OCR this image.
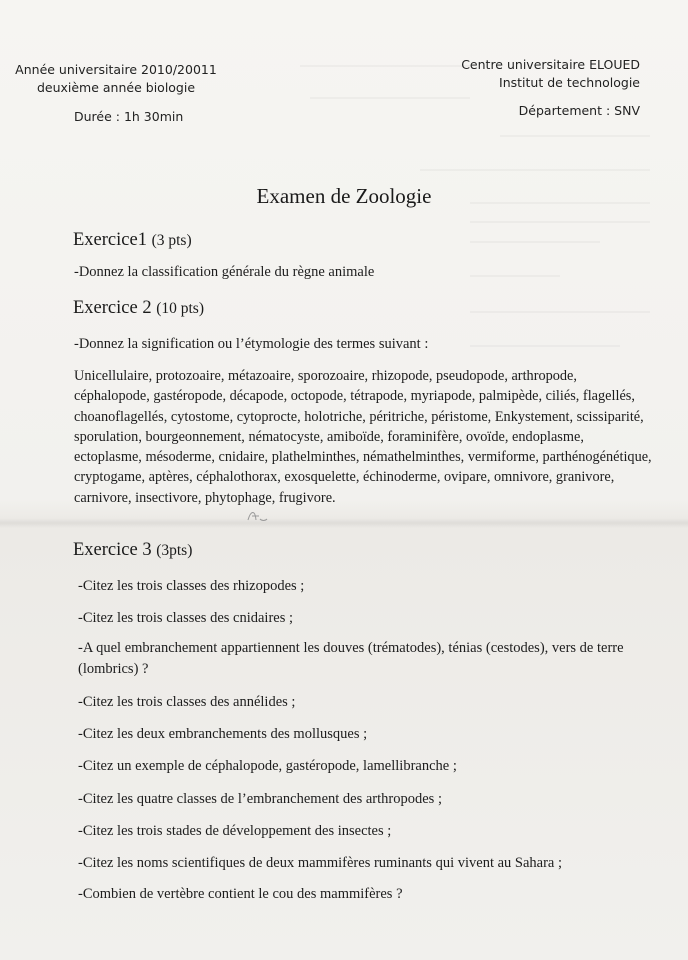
Année universitaire 2010/20011
deuxième année biologie
Durée : 1h 30min
Centre universitaire ELOUED
Institut de technologie
Département : SNV
Examen de Zoologie
Exercice1 (3 pts)
-Donnez la classification générale du règne animale
Exercice 2 (10 pts)
-Donnez la signification ou l’étymologie des termes suivant :
Unicellulaire, protozoaire, métazoaire, sporozoaire, rhizopode, pseudopode, arthropode, céphalopode, gastéropode, décapode, octopode, tétrapode, myriapode, palmipède, ciliés, flagellés, choanoflagellés, cytostome, cytoprocte, holotriche, péritriche, péristome, Enkystement, scissiparité, sporulation, bourgeonnement, nématocyste, amiboïde, foraminifère, ovoïde, endoplasme, ectoplasme, mésoderme, cnidaire, plathelminthes, némathelminthes, vermiforme, parthénogénétique, cryptogame, aptères, céphalothorax, exosquelette, échinoderme, ovipare, omnivore, granivore, carnivore, insectivore, phytophage, frugivore.
Exercice 3 (3pts)
-Citez les trois classes des rhizopodes ;
-Citez les trois classes des cnidaires ;
-A quel embranchement appartiennent les douves (trématodes), ténias (cestodes), vers de terre (lombrics) ?
-Citez les trois classes des annélides ;
-Citez les deux embranchements des mollusques ;
-Citez un exemple de céphalopode, gastéropode, lamellibranche ;
-Citez les quatre classes de l’embranchement des arthropodes ;
-Citez les trois stades de développement des insectes ;
-Citez les noms scientifiques de deux mammifères ruminants qui vivent au Sahara ;
-Combien de vertèbre contient le cou des mammifères ?
